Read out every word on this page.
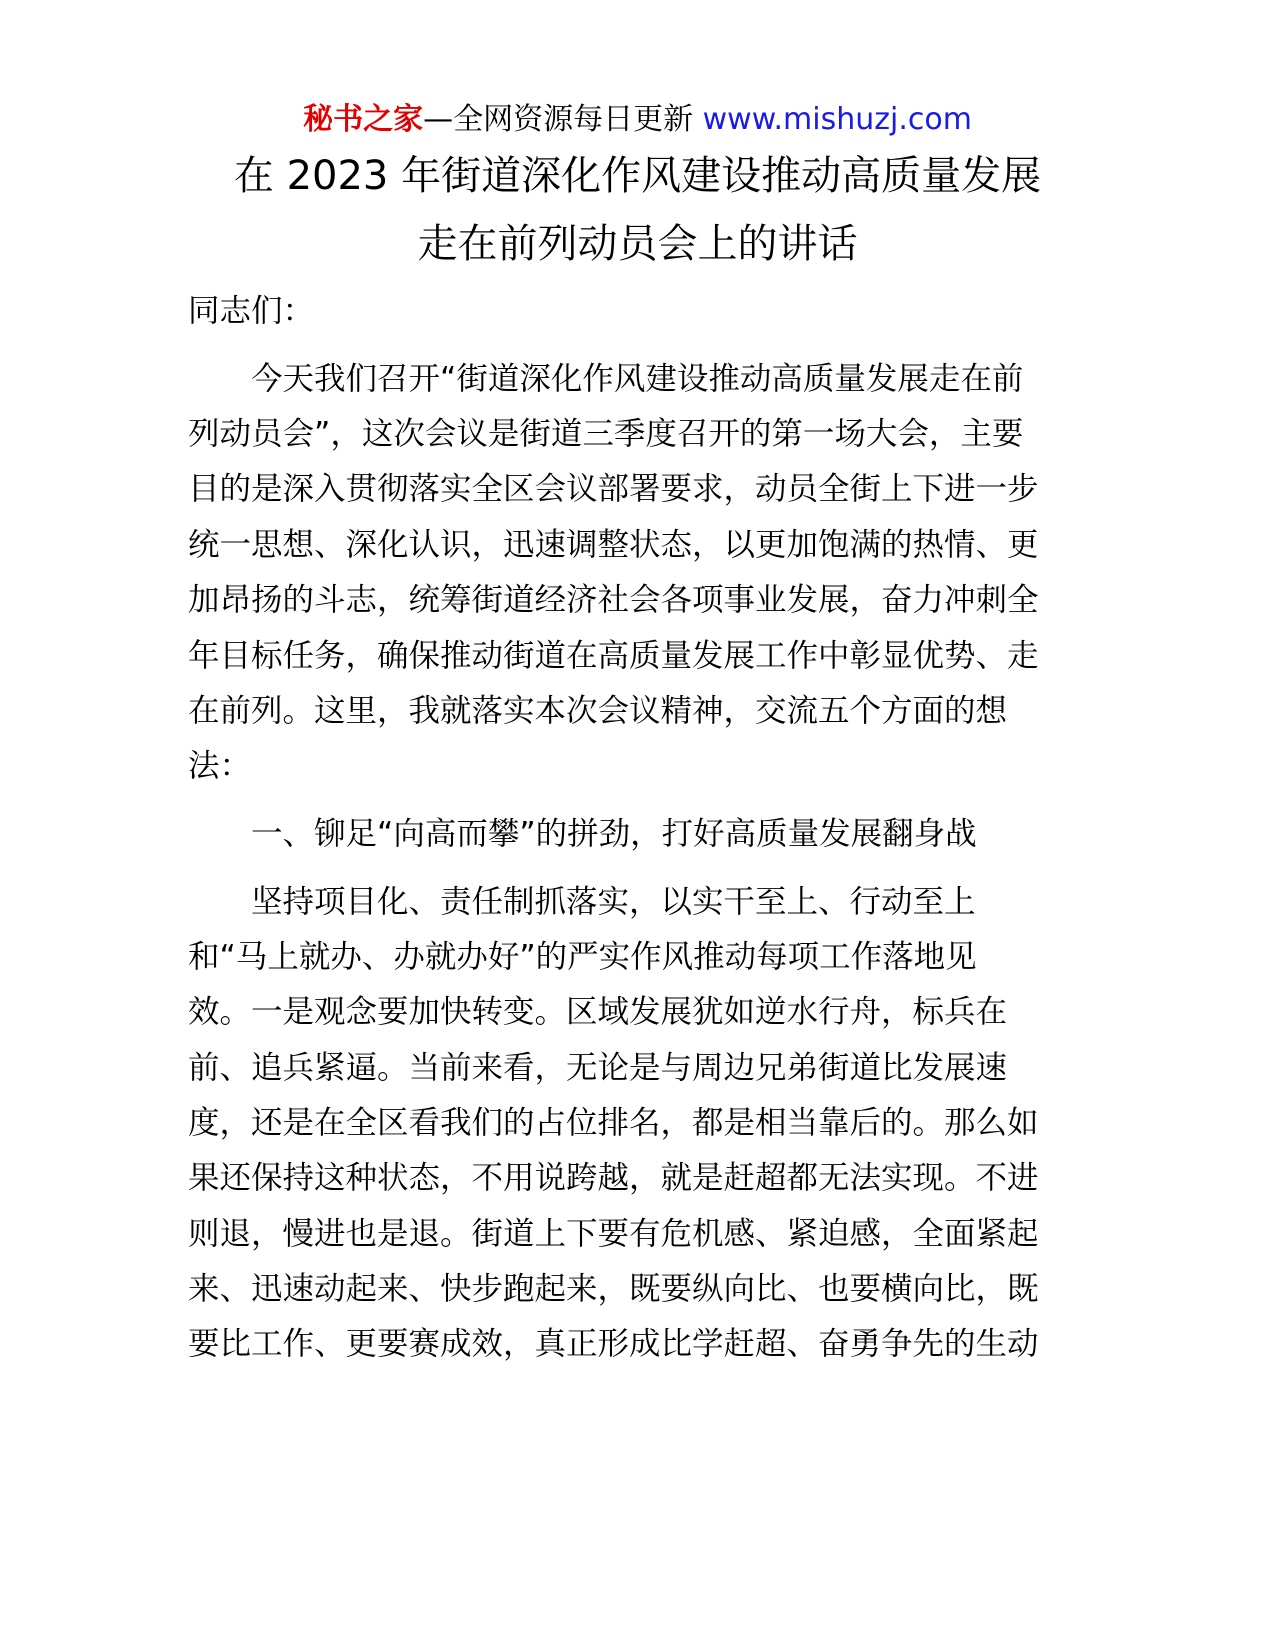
秘书之家—全网资源每日更新 www.mishuzj.com
在 2023 年街道深化作风建设推动高质量发展
走在前列动员会上的讲话
同志们：
　　今天我们召开“街道深化作风建设推动高质量发展走在前
列动员会”，这次会议是街道三季度召开的第一场大会，主要
目的是深入贯彻落实全区会议部署要求，动员全街上下进一步
统一思想、深化认识，迅速调整状态，以更加饱满的热情、更
加昂扬的斗志，统筹街道经济社会各项事业发展，奋力冲刺全
年目标任务，确保推动街道在高质量发展工作中彰显优势、走
在前列。这里，我就落实本次会议精神，交流五个方面的想
法：
　　一、铆足“向高而攀”的拼劲，打好高质量发展翻身战
　　坚持项目化、责任制抓落实，以实干至上、行动至上
和“马上就办、办就办好”的严实作风推动每项工作落地见
效。一是观念要加快转变。区域发展犹如逆水行舟，标兵在
前、追兵紧逼。当前来看，无论是与周边兄弟街道比发展速
度，还是在全区看我们的占位排名，都是相当靠后的。那么如
果还保持这种状态，不用说跨越，就是赶超都无法实现。不进
则退，慢进也是退。街道上下要有危机感、紧迫感，全面紧起
来、迅速动起来、快步跑起来，既要纵向比、也要横向比，既
要比工作、更要赛成效，真正形成比学赶超、奋勇争先的生动
